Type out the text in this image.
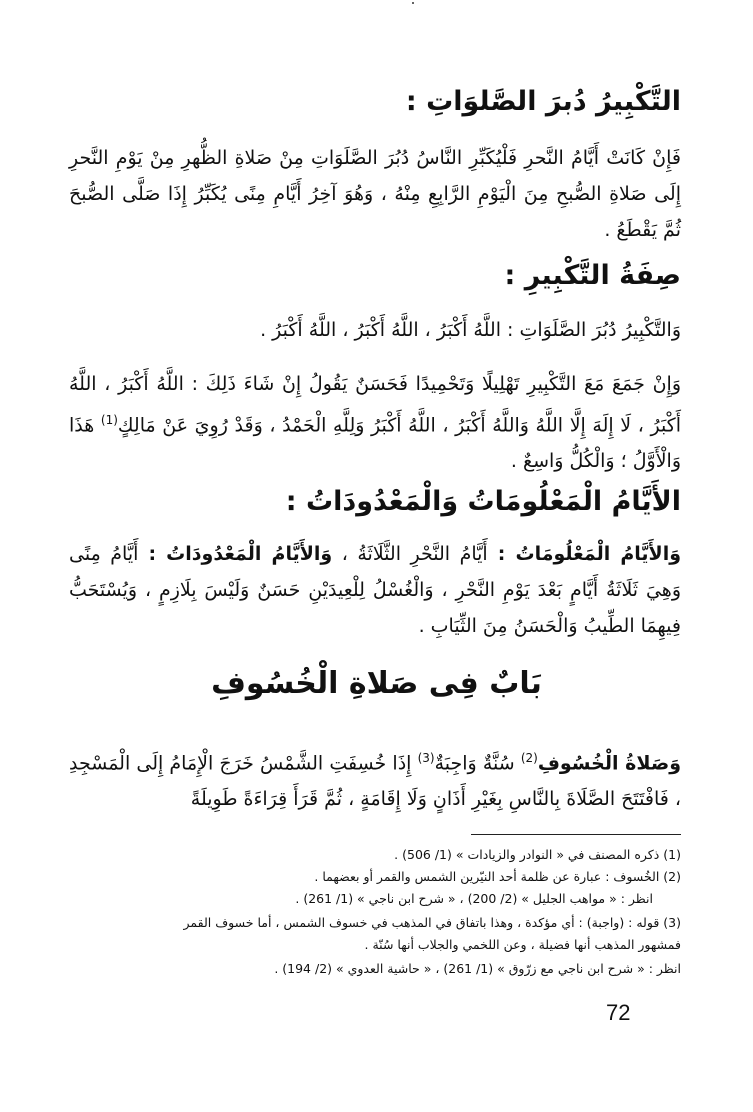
التَّكْبِيرُ دُبرَ الصَّلوَاتِ :

فَإِنْ كَانَتْ أَيَّامُ النَّحرِ فَلْيُكَبِّرِ النَّاسُ دُبُرَ الصَّلَوَاتِ مِنْ صَلاةِ الظُّهرِ مِنْ يَوْمِ النَّحرِ إِلَى صَلاةِ الصُّبحِ مِنَ الْيَوْمِ الرَّابِعِ مِنْهُ ، وَهُوَ آخِرُ أَيَّامِ مِنًى يُكَبِّرُ إِذَا صَلَّى الصُّبحَ ثُمَّ يَقْطَعُ .

صِفَةُ التَّكْبِيرِ :

وَالتَّكْبِيرُ دُبُرَ الصَّلَوَاتِ : اللَّهُ أَكْبَرُ ، اللَّهُ أَكْبَرُ ، اللَّهُ أَكْبَرُ .

وَإِنْ جَمَعَ مَعَ التَّكْبِيرِ تَهْلِيلًا وَتَحْمِيدًا فَحَسَنٌ يَقُولُ إِنْ شَاءَ ذَلِكَ : اللَّهُ أَكْبَرُ ، اللَّهُ أَكْبَرُ ، لَا إِلَهَ إِلَّا اللَّهُ وَاللَّهُ أَكْبَرُ ، اللَّهُ أَكْبَرُ وَلِلَّهِ الْحَمْدُ ، وَقَدْ رُوِيَ عَنْ مَالِكٍ$^{(1)}$ هَذَا وَالْأَوَّلُ ؛ وَالْكُلُّ وَاسِعٌ .

الأَيَّامُ الْمَعْلُومَاتُ وَالْمَعْدُودَاتُ :

وَالأَيَّامُ الْمَعْلُومَاتُ : أَيَّامُ النَّحْرِ الثَّلَاثَةُ ، وَالأَيَّامُ الْمَعْدُودَاتُ : أَيَّامُ مِنًى وَهِيَ ثَلَاثَةُ أَيَّامٍ بَعْدَ يَوْمِ النَّحْرِ ، وَالْغُسْلُ لِلْعِيدَيْنِ حَسَنٌ وَلَيْسَ بِلَازِمٍ ، وَيُسْتَحَبُّ فِيهِمَا الطِّيبُ وَالْحَسَنُ مِنَ الثِّيَابِ .

بَابٌ فِى صَلاةِ الْخُسُوفِ

وَصَلاةُ الْخُسُوفِ$^{(2)}$ سُنَّةٌ وَاجِبَةٌ$^{(3)}$ إِذَا خُسِفَتِ الشَّمْسُ خَرَجَ الْإِمَامُ إِلَى الْمَسْجِدِ ، فَافْتَتَحَ الصَّلَاةَ بِالنَّاسِ بِغَيْرِ أَذَانٍ وَلَا إِقَامَةٍ ، ثُمَّ قَرَأَ قِرَاءَةً طَوِيلَةً

(1) ذكره المصنف في « النوادر والزيادات » (1/ 506) .
(2) الخُسوف : عبارة عن ظلمة أحد النيّرين الشمس والقمر أو بعضهما .
انظر : « مواهب الجليل » (2/ 200) ، « شرح ابن ناجي » (1/ 261) .
(3) قوله : (واجبة) : أي مؤكدة ، وهذا باتفاق في المذهب في خسوف الشمس ، أما خسوف القمر
فمشهور المذهب أنها فضيلة ، وعن اللخمي والجلاب أنها سُنّة .
انظر : « شرح ابن ناجي مع زرّوق » (1/ 261) ، « حاشية العدوي » (2/ 194) .
72
